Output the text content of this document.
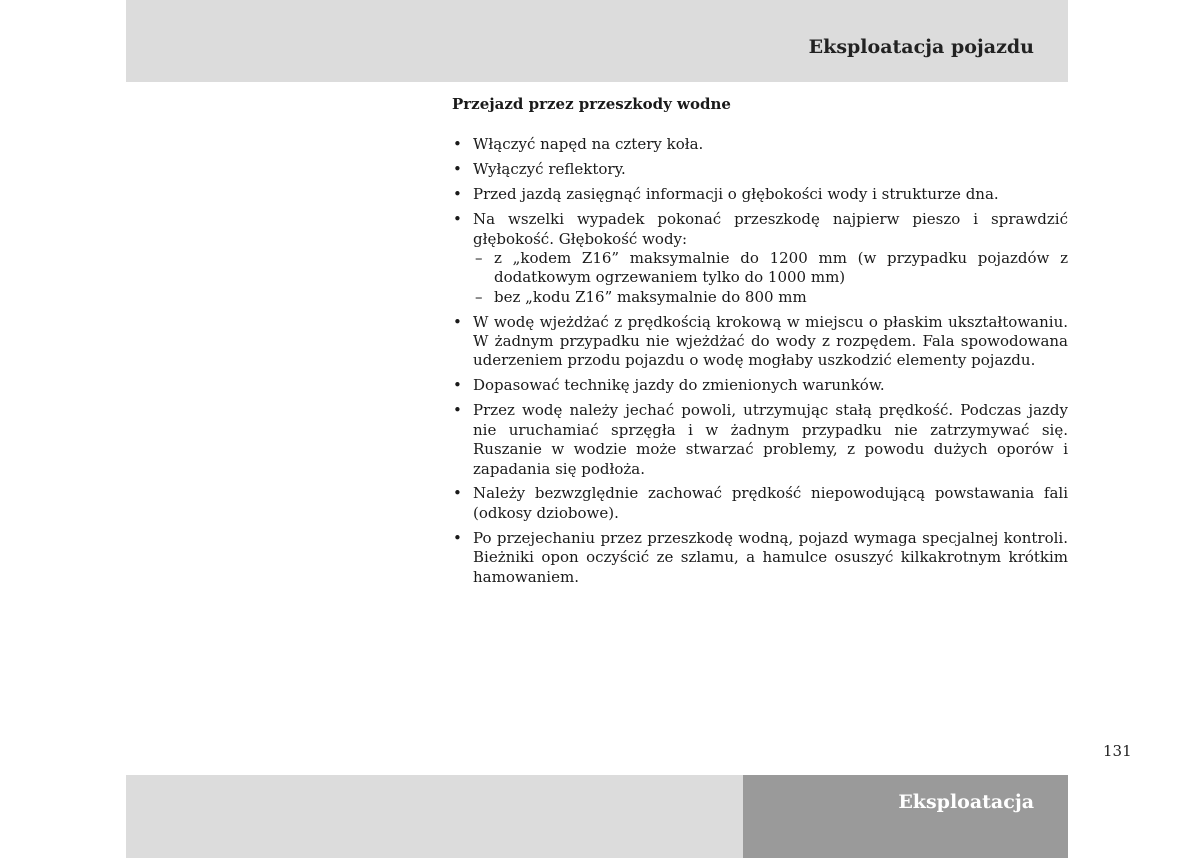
Eksploatacja pojazdu
Przejazd przez przeszkody wodne
• Włączyć napęd na cztery koła.
• Wyłączyć reflektory.
• Przed jazdą zasięgnąć informacji o głębokości wody i strukturze dna.
• Na wszelki wypadek pokonać przeszkodę najpierw pieszo i sprawdzić głębokość. Głębokość wody:
– z „kodem Z16” maksymalnie do 1200 mm (w przypadku pojazdów z dodatkowym ogrzewaniem tylko do 1000 mm)
– bez „kodu Z16” maksymalnie do 800 mm
• W wodę wjeżdżać z prędkością krokową w miejscu o płaskim ukształtowaniu. W żadnym przypadku nie wjeżdżać do wody z rozpędem. Fala spowodowana uderzeniem przodu pojazdu o wodę mogłaby uszkodzić elementy pojazdu.
• Dopasować technikę jazdy do zmienionych warunków.
• Przez wodę należy jechać powoli, utrzymując stałą prędkość. Podczas jazdy nie uruchamiać sprzęgła i w żadnym przypadku nie zatrzymywać się. Ruszanie w wodzie może stwarzać problemy, z powodu dużych oporów i zapadania się podłoża.
• Należy bezwzględnie zachować prędkość niepowodującą powstawania fali (odkosy dziobowe).
• Po przejechaniu przez przeszkodę wodną, pojazd wymaga specjalnej kontroli. Bieżniki opon oczyścić ze szlamu, a hamulce osuszyć kilkakrotnym krótkim hamowaniem.
131
Eksploatacja
